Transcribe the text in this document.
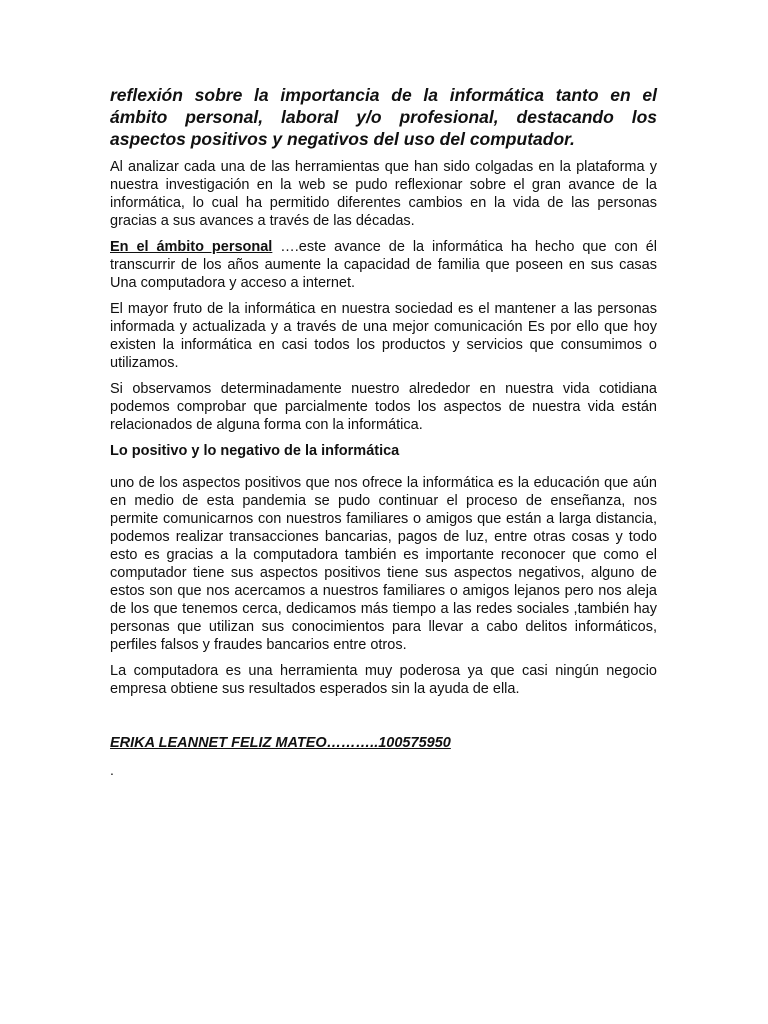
reflexión sobre la importancia de la informática tanto en el ámbito personal, laboral y/o profesional, destacando los aspectos positivos y negativos del uso del computador.

Al analizar cada una de las herramientas que han sido colgadas en la plataforma y nuestra investigación en la web se pudo reflexionar sobre el gran avance de la informática, lo cual ha permitido diferentes cambios en la vida de las personas gracias a sus avances a través de las décadas.

En el ámbito personal ….este avance de la informática ha hecho que con él transcurrir de los años aumente la capacidad de familia que poseen en sus casas Una computadora y acceso a internet.

El mayor fruto de la informática en nuestra sociedad es el mantener a las personas informada y actualizada y a través de una mejor comunicación Es por ello que hoy existen la informática en casi todos los productos y servicios que consumimos o utilizamos.

Si observamos determinadamente nuestro alrededor en nuestra vida cotidiana podemos comprobar que parcialmente todos los aspectos de nuestra vida están relacionados de alguna forma con la informática.

Lo positivo y lo negativo de la informática

uno de los aspectos positivos que nos ofrece la informática es la educación que aún en medio de esta pandemia se pudo continuar el proceso de enseñanza, nos permite comunicarnos con nuestros familiares o amigos que están a larga distancia, podemos realizar transacciones bancarias, pagos de luz, entre otras cosas y todo esto es gracias a la computadora también es importante reconocer que como el computador tiene sus aspectos positivos tiene sus aspectos negativos, alguno de estos son que nos acercamos a nuestros familiares o amigos lejanos pero nos aleja de los que tenemos cerca, dedicamos más tiempo a las redes sociales ,también hay personas que utilizan sus conocimientos para llevar a cabo delitos informáticos, perfiles falsos y fraudes bancarios entre otros.

La computadora es una herramienta muy poderosa ya que casi ningún negocio empresa obtiene sus resultados esperados sin la ayuda de ella.

ERIKA LEANNET FELIZ MATEO………..100575950

.
